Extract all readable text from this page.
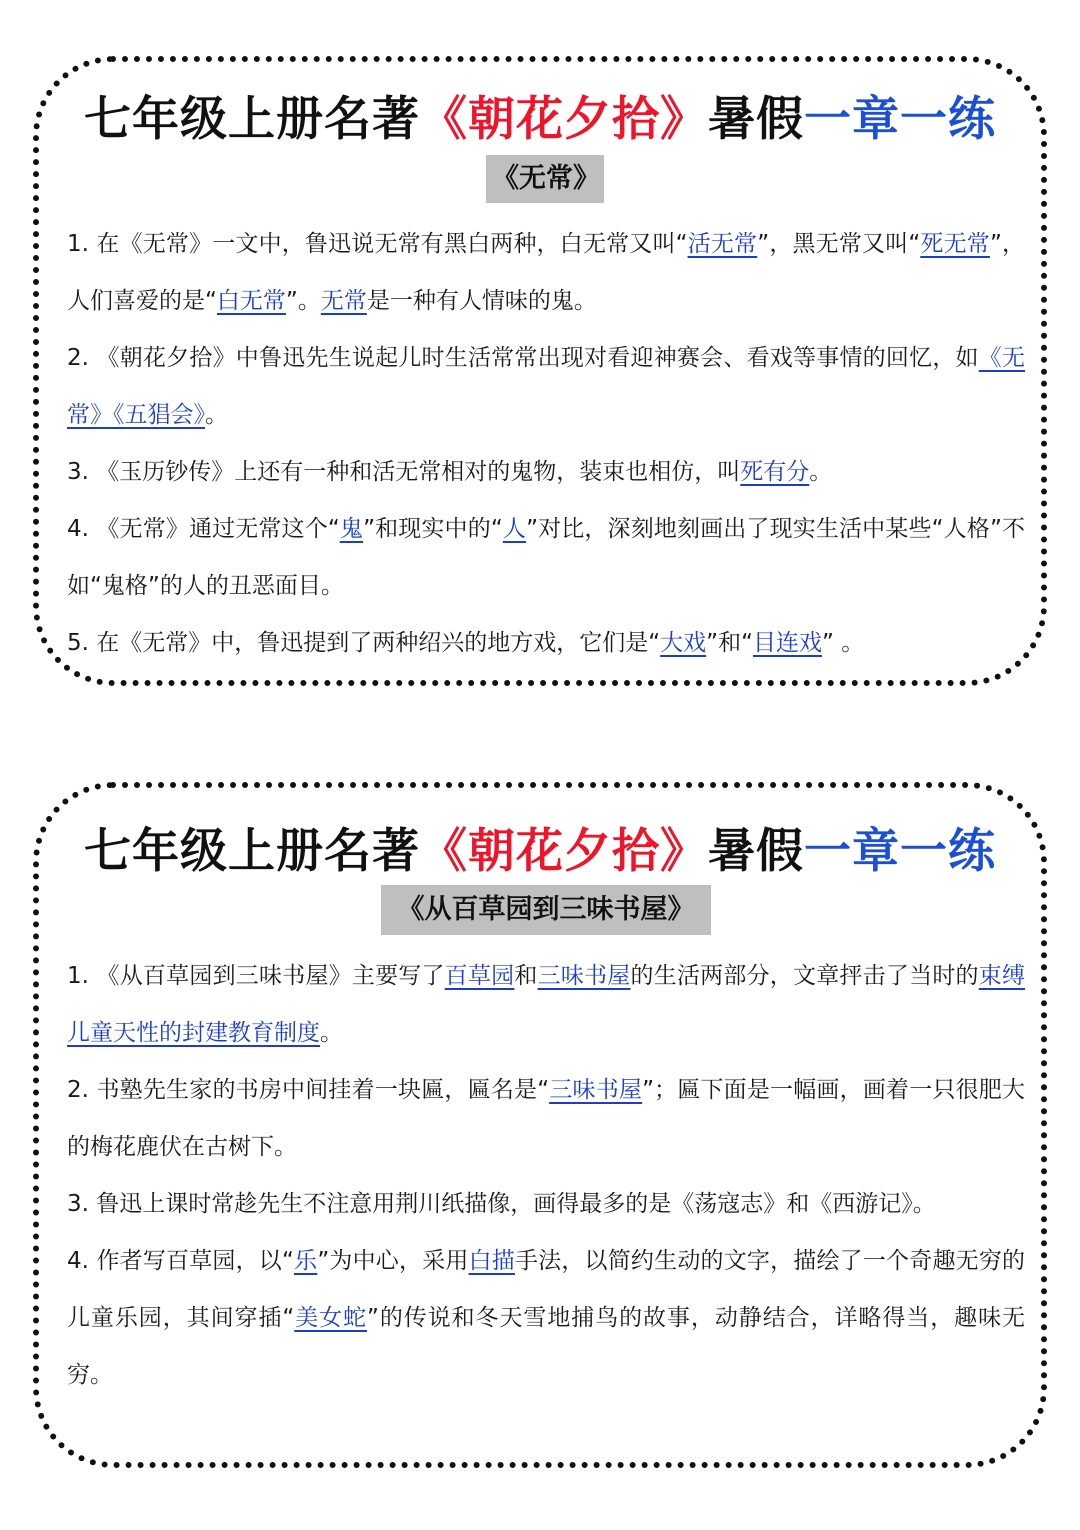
七年级上册名著《朝花夕拾》暑假一章一练
《无常》
1. 在《无常》一文中，鲁迅说无常有黑白两种，白无常又叫“活无常”，黑无常又叫“死无常”，人们喜爱的是“白无常”。无常是一种有人情味的鬼。
2. 《朝花夕拾》中鲁迅先生说起儿时生活常常出现对看迎神赛会、看戏等事情的回忆，如《无常》《五猖会》。
3. 《玉历钞传》上还有一种和活无常相对的鬼物，装束也相仿，叫死有分。
4. 《无常》通过无常这个“鬼”和现实中的“人”对比，深刻地刻画出了现实生活中某些“人格”不如“鬼格”的人的丑恶面目。
5. 在《无常》中，鲁迅提到了两种绍兴的地方戏，它们是“大戏”和“目连戏” 。
七年级上册名著《朝花夕拾》暑假一章一练
《从百草园到三味书屋》
1. 《从百草园到三味书屋》主要写了百草园和三味书屋的生活两部分，文章抨击了当时的束缚儿童天性的封建教育制度。
2. 书塾先生家的书房中间挂着一块匾，匾名是“三味书屋”；匾下面是一幅画，画着一只很肥大的梅花鹿伏在古树下。
3. 鲁迅上课时常趁先生不注意用荆川纸描像，画得最多的是《荡寇志》和《西游记》。
4. 作者写百草园，以“乐”为中心，采用白描手法，以简约生动的文字，描绘了一个奇趣无穷的儿童乐园，其间穿插“美女蛇”的传说和冬天雪地捕鸟的故事，动静结合，详略得当，趣味无穷。
